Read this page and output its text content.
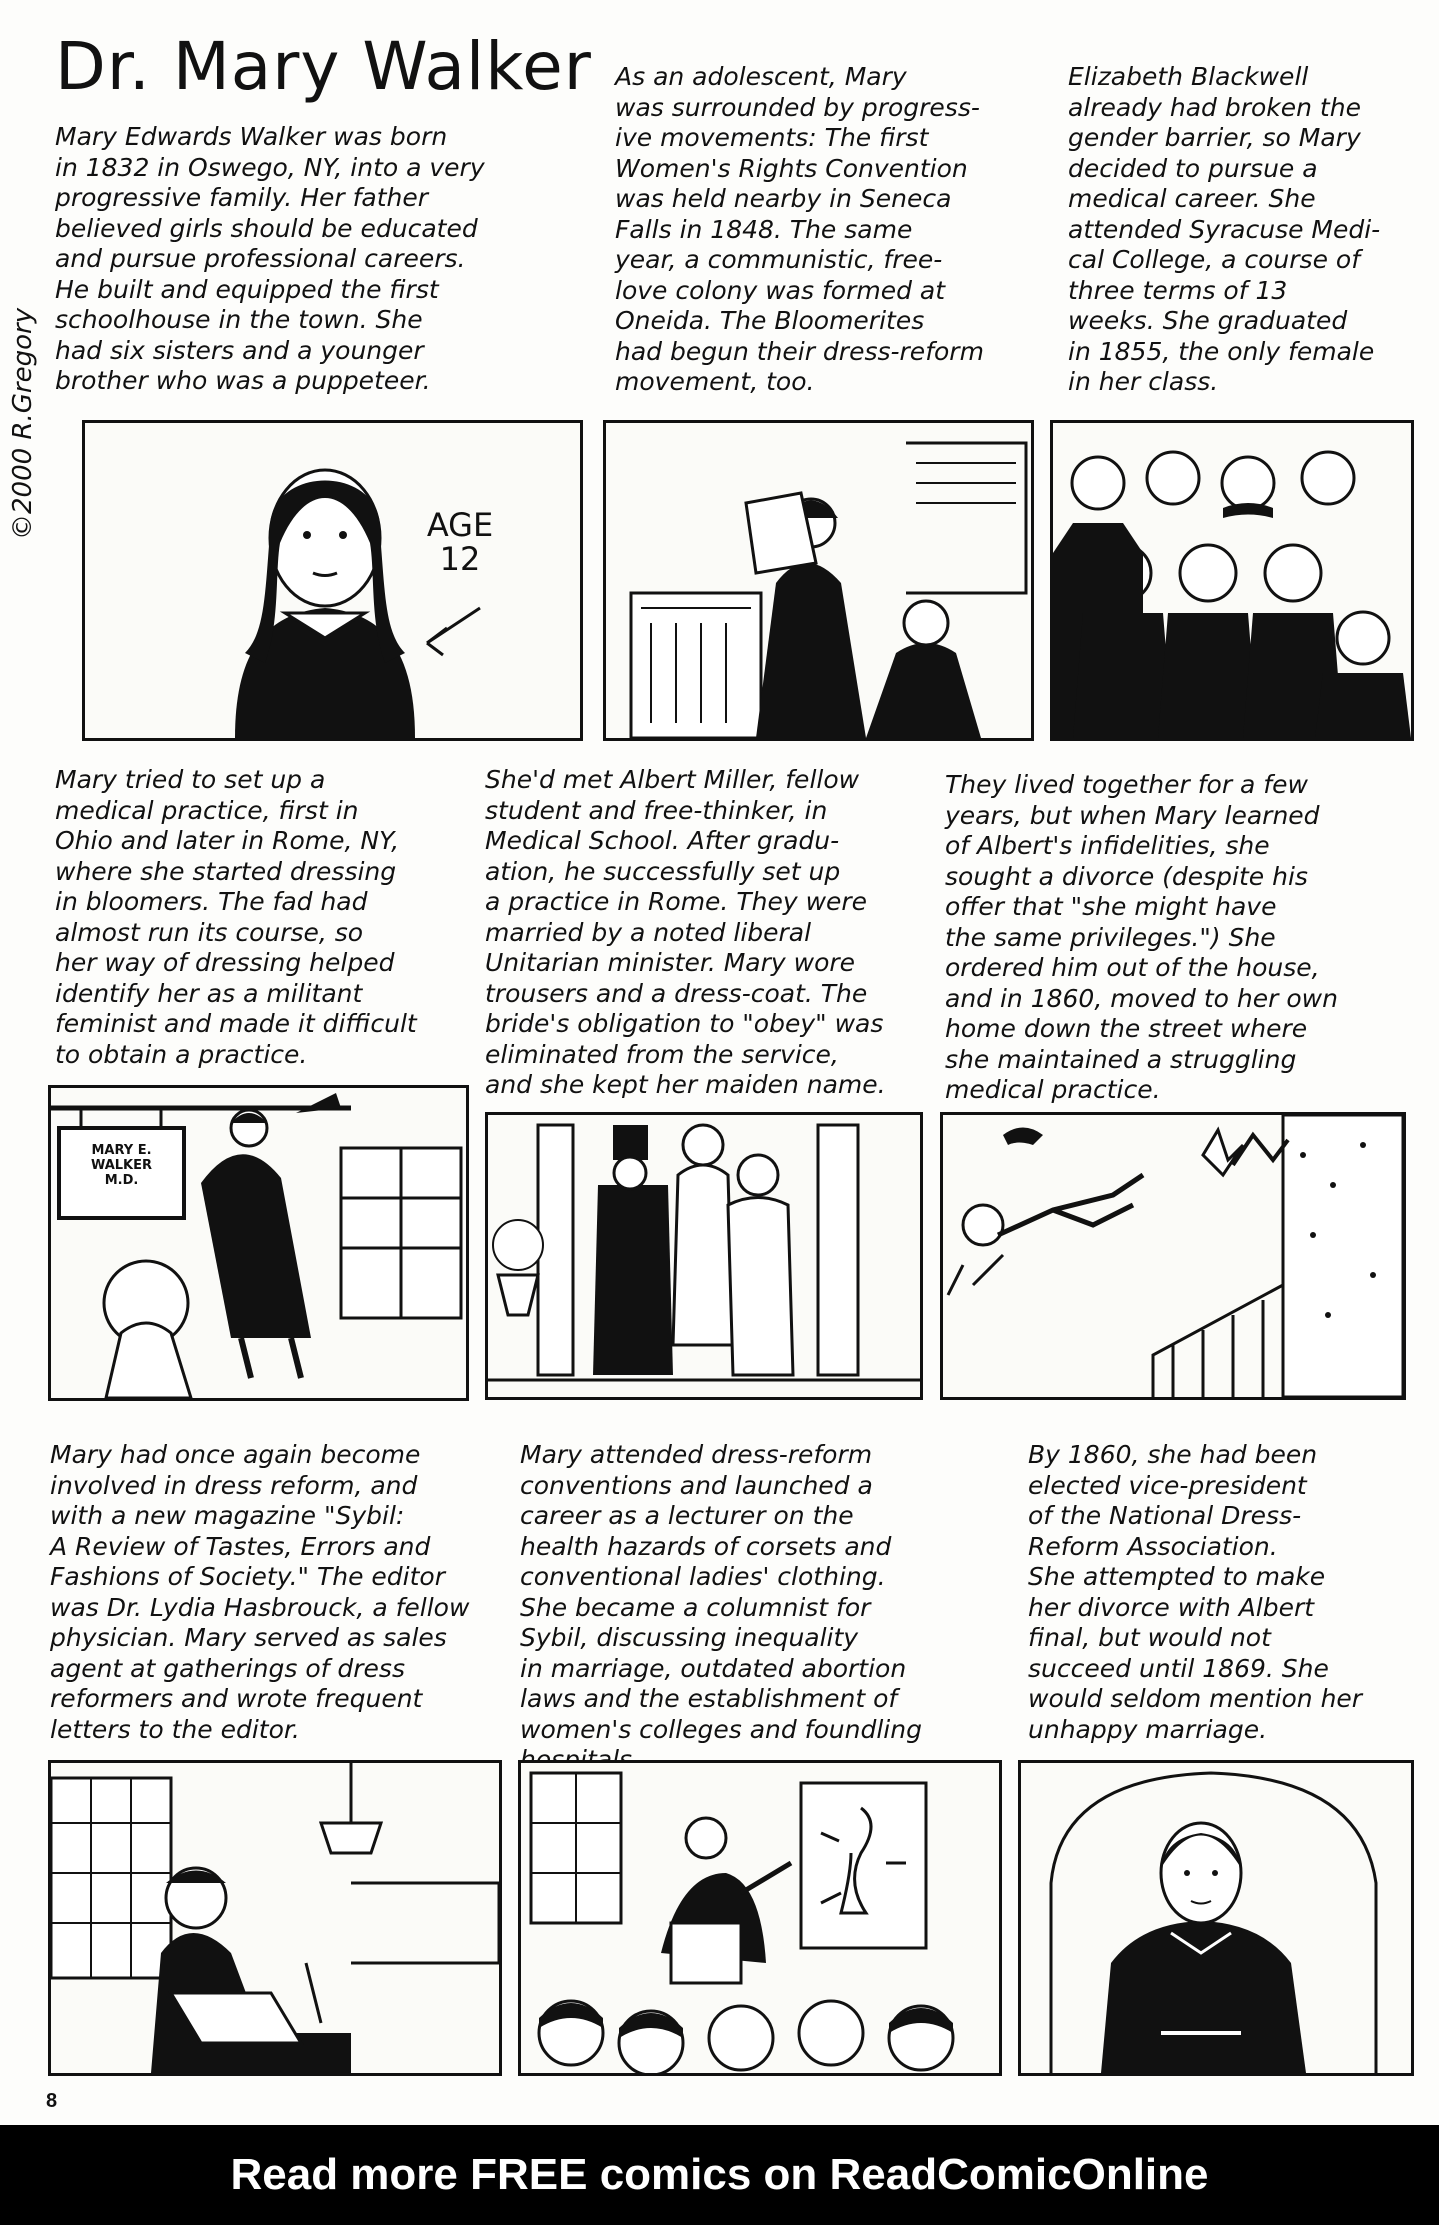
Dr. Mary Walker
©2000 R.Gregory
Mary Edwards Walker was born
in 1832 in Oswego, NY, into a very
progressive family. Her father
believed girls should be educated
and pursue professional careers.
He built and equipped the first
schoolhouse in the town. She
had six sisters and a younger
brother who was a puppeteer.
As an adolescent, Mary
was surrounded by progress-
ive movements: The first
Women's Rights Convention
was held nearby in Seneca
Falls in 1848. The same
year, a communistic, free-
love colony was formed at
Oneida. The Bloomerites
had begun their dress-reform
movement, too.
Elizabeth Blackwell
already had broken the
gender barrier, so Mary
decided to pursue a
medical career. She
attended Syracuse Medi-
cal College, a course of
three terms of 13
weeks. She graduated
in 1855, the only female
in her class.
AGE
12
Mary tried to set up a
medical practice, first in
Ohio and later in Rome, NY,
where she started dressing
in bloomers. The fad had
almost run its course, so
her way of dressing helped
identify her as a militant
feminist and made it difficult
to obtain a practice.
She'd met Albert Miller, fellow
student and free-thinker, in
Medical School. After gradu-
ation, he successfully set up
a practice in Rome. They were
married by a noted liberal
Unitarian minister. Mary wore
trousers and a dress-coat. The
bride's obligation to "obey" was
eliminated from the service,
and she kept her maiden name.
They lived together for a few
years, but when Mary learned
of Albert's infidelities, she
sought a divorce (despite his
offer that "she might have
the same privileges.") She
ordered him out of the house,
and in 1860, moved to her own
home down the street where
she maintained a struggling
medical practice.
MARY E.
WALKER
M.D.
Mary had once again become
involved in dress reform, and
with a new magazine "Sybil:
A Review of Tastes, Errors and
Fashions of Society." The editor
was Dr. Lydia Hasbrouck, a fellow
physician. Mary served as sales
agent at gatherings of dress
reformers and wrote frequent
letters to the editor.
Mary attended dress-reform
conventions and launched a
career as a lecturer on the
health hazards of corsets and
conventional ladies' clothing.
She became a columnist for
Sybil, discussing inequality
in marriage, outdated abortion
laws and the establishment of
women's colleges and foundling
By 1860, she had been
elected vice-president
of the National Dress-
Reform Association.
She attempted to make
her divorce with Albert
final, but would not
succeed until 1869. She
would seldom mention her
unhappy marriage.
8
Read more FREE comics on ReadComicOnline
